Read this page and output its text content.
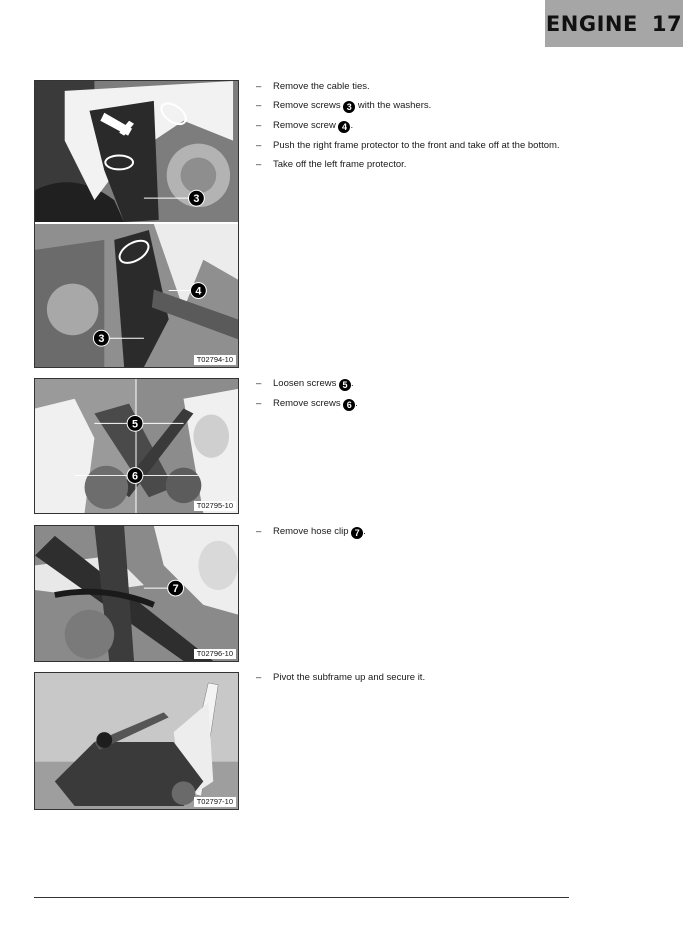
ENGINE 17
3
4
3
T02794-10
5
6
T02795-10
7
T02796-10
T02797-10
– Remove the cable ties.
– Remove screws 3 with the washers.
– Remove screw 4 .
– Push the right frame protector to the front and take off at the bottom.
– Take off the left frame protector.
– Loosen screws 5 .
– Remove screws 6 .
– Remove hose clip 7 .
– Pivot the subframe up and secure it.
